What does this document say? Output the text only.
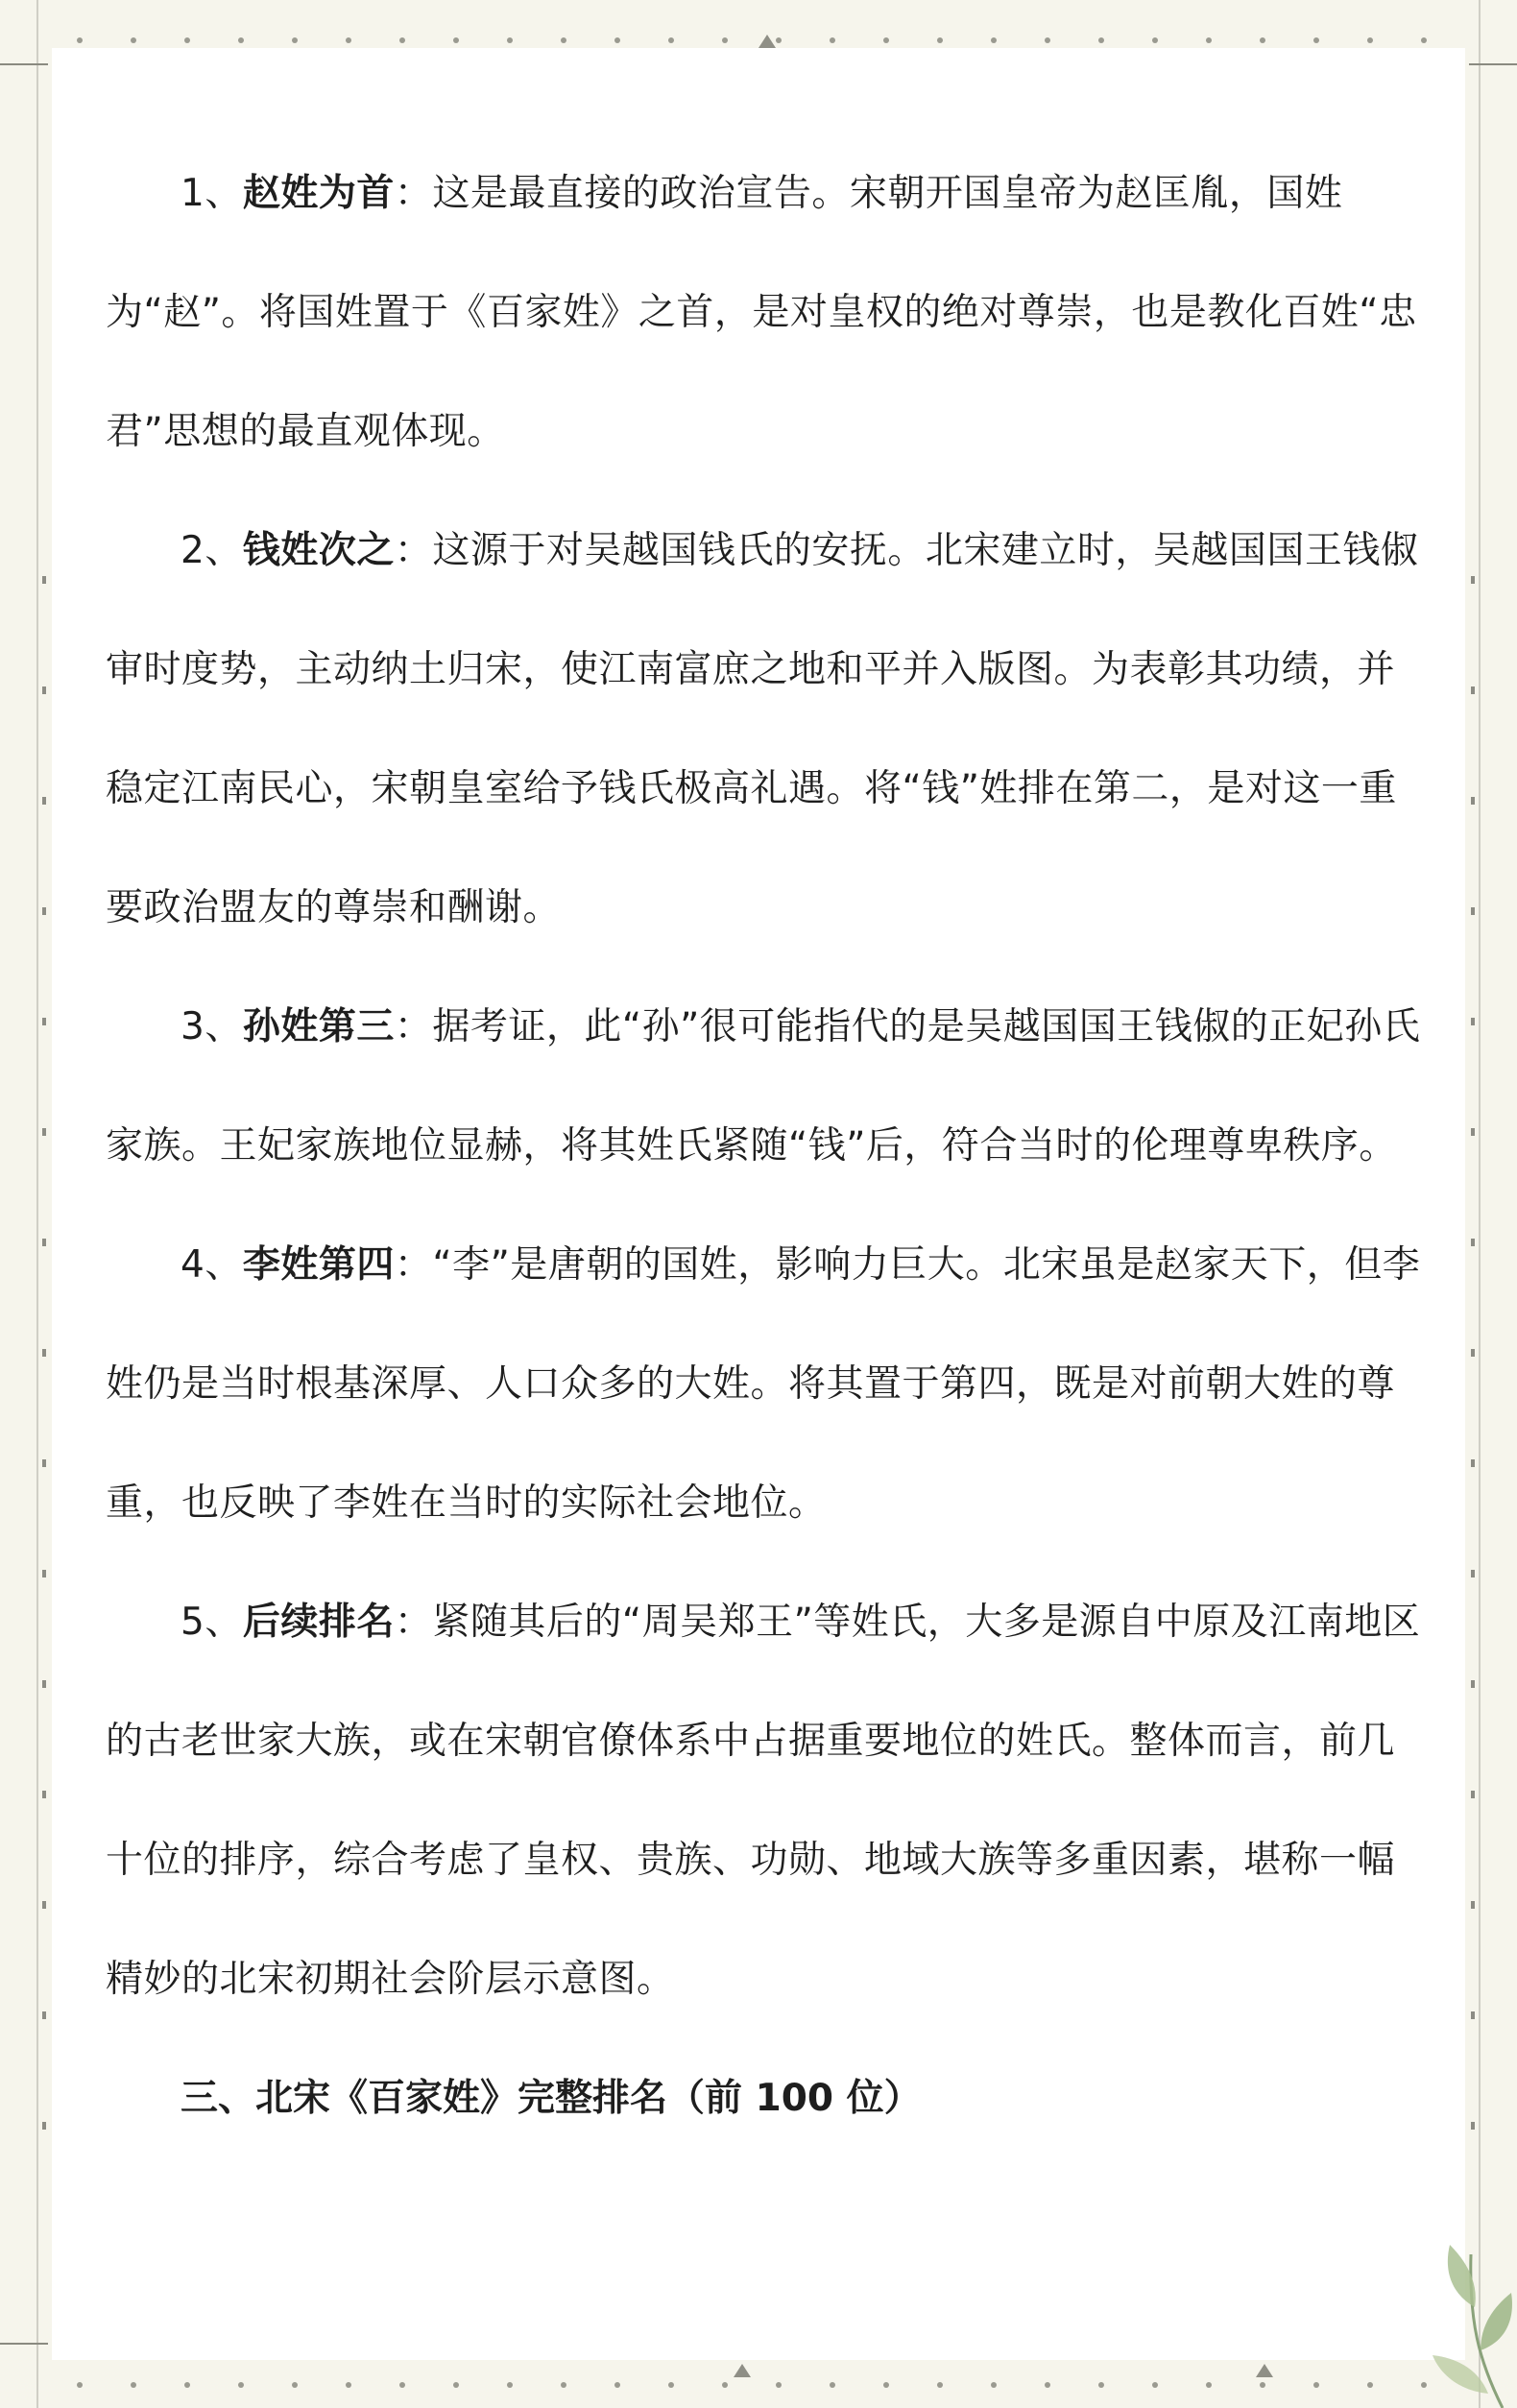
1、赵姓为首：这是最直接的政治宣告。宋朝开国皇帝为赵匡胤，国姓为“赵”。将国姓置于《百家姓》之首，是对皇权的绝对尊崇，也是教化百姓“忠君”思想的最直观体现。

2、钱姓次之：这源于对吴越国钱氏的安抚。北宋建立时，吴越国国王钱俶审时度势，主动纳土归宋，使江南富庶之地和平并入版图。为表彰其功绩，并稳定江南民心，宋朝皇室给予钱氏极高礼遇。将“钱”姓排在第二，是对这一重要政治盟友的尊崇和酬谢。

3、孙姓第三：据考证，此“孙”很可能指代的是吴越国国王钱俶的正妃孙氏家族。王妃家族地位显赫，将其姓氏紧随“钱”后，符合当时的伦理尊卑秩序。

4、李姓第四：“李”是唐朝的国姓，影响力巨大。北宋虽是赵家天下，但李姓仍是当时根基深厚、人口众多的大姓。将其置于第四，既是对前朝大姓的尊重，也反映了李姓在当时的实际社会地位。

5、后续排名：紧随其后的“周吴郑王”等姓氏，大多是源自中原及江南地区的古老世家大族，或在宋朝官僚体系中占据重要地位的姓氏。整体而言，前几十位的排序，综合考虑了皇权、贵族、功勋、地域大族等多重因素，堪称一幅精妙的北宋初期社会阶层示意图。

三、北宋《百家姓》完整排名（前 100 位）
